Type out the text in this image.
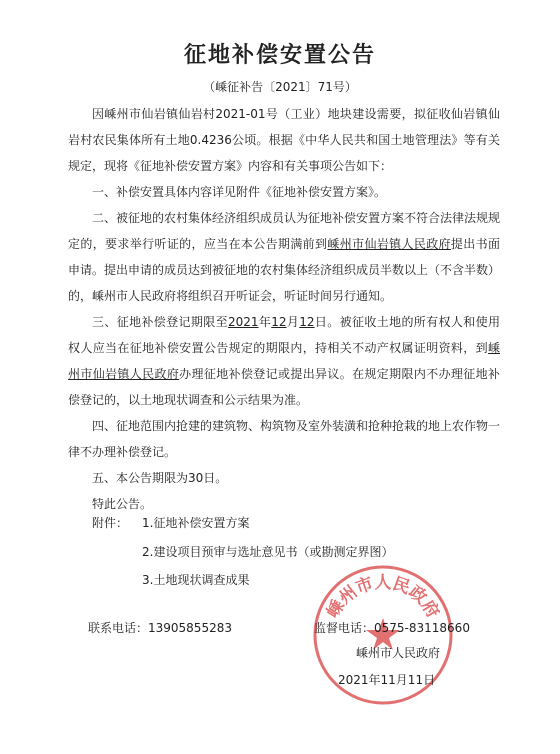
征地补偿安置公告
（嵊征补告〔2021〕71号）

因嵊州市仙岩镇仙岩村2021-01号（工业）地块建设需要，拟征收仙岩镇仙岩村农民集体所有土地0.4236公顷。根据《中华人民共和国土地管理法》等有关规定，现将《征地补偿安置方案》内容和有关事项公告如下：

一、补偿安置具体内容详见附件《征地补偿安置方案》。

二、被征地的农村集体经济组织成员认为征地补偿安置方案不符合法律法规规定的，要求举行听证的，应当在本公告期满前到嵊州市仙岩镇人民政府提出书面申请。提出申请的成员达到被征地的农村集体经济组织成员半数以上（不含半数）的，嵊州市人民政府将组织召开听证会，听证时间另行通知。

三、征地补偿登记期限至2021年12月12日。被征收土地的所有权人和使用权人应当在征地补偿安置公告规定的期限内，持相关不动产权属证明资料，到嵊州市仙岩镇人民政府办理征地补偿登记或提出异议。在规定期限内不办理征地补偿登记的，以土地现状调查和公示结果为准。

四、征地范围内抢建的建筑物、构筑物及室外装潢和抢种抢栽的地上农作物一律不办理补偿登记。

五、本公告期限为30日。

特此公告。

附件： 1.征地补偿安置方案
2.建设项目预审与选址意见书（或勘测定界图）
3.土地现状调查成果
嵊州市人民政府
联系电话：13905855283	监督电话：0575-83118660
嵊州市人民政府
2021年11月11日
